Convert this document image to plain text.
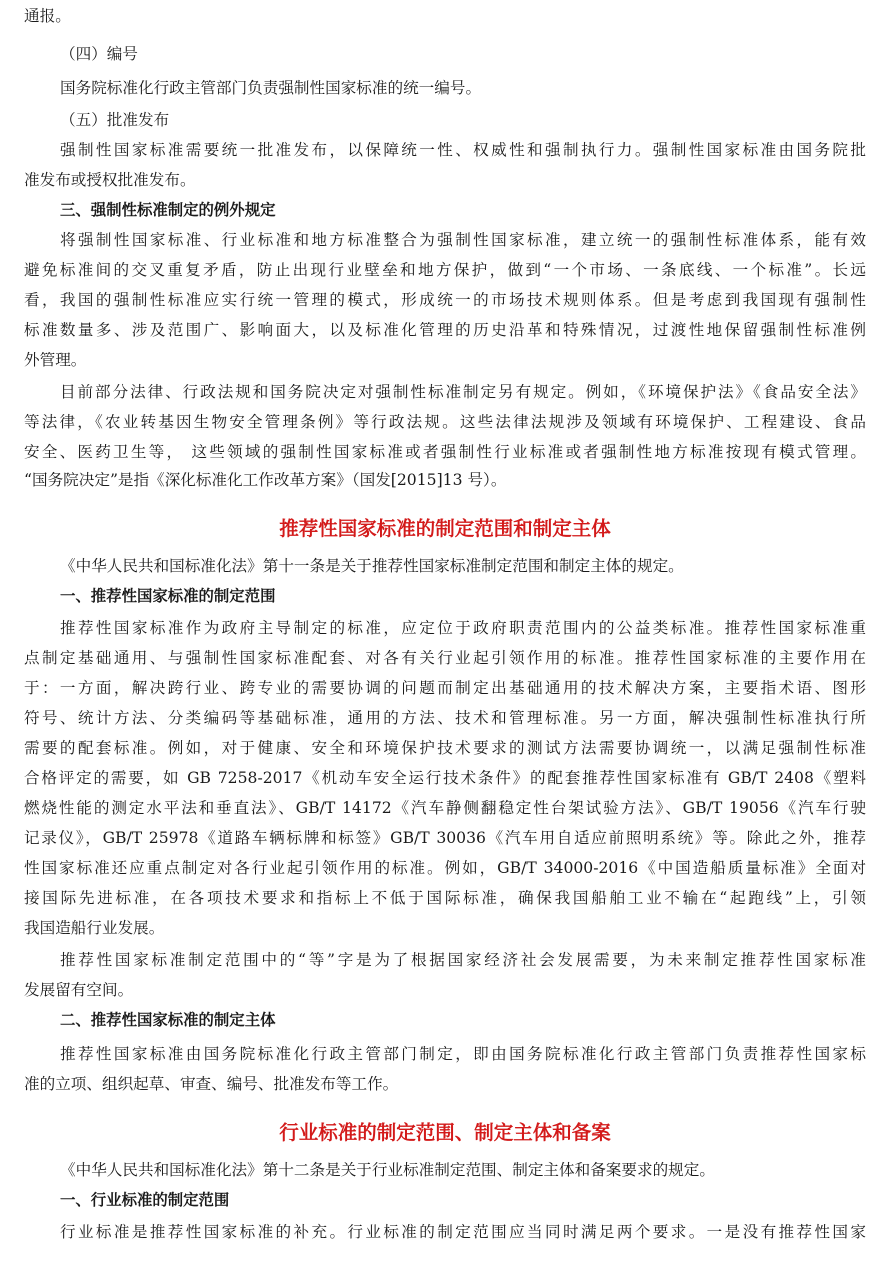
通报。
（四）编号
国务院标准化行政主管部门负责强制性国家标准的统一编号。
（五）批准发布
强制性国家标准需要统一批准发布，以保障统一性、权威性和强制执行力。强制性国家标准由国务院批
准发布或授权批准发布。
三、强制性标准制定的例外规定
将强制性国家标准、行业标准和地方标准整合为强制性国家标准，建立统一的强制性标准体系，能有效
避免标准间的交叉重复矛盾，防止出现行业壁垒和地方保护，做到“一个市场、一条底线、一个标准”。长远
看，我国的强制性标准应实行统一管理的模式，形成统一的市场技术规则体系。但是考虑到我国现有强制性
标准数量多、涉及范围广、影响面大，以及标准化管理的历史沿革和特殊情况，过渡性地保留强制性标准例
外管理。
目前部分法律、行政法规和国务院决定对强制性标准制定另有规定。例如，《环境保护法》《食品安全法》
等法律，《农业转基因生物安全管理条例》等行政法规。这些法律法规涉及领域有环境保护、工程建设、食品
安全、医药卫生等， 这些领域的强制性国家标准或者强制性行业标准或者强制性地方标准按现有模式管理。
“国务院决定”是指《深化标准化工作改革方案》（国发[2015]13 号）。
推荐性国家标准的制定范围和制定主体
《中华人民共和国标准化法》第十一条是关于推荐性国家标准制定范围和制定主体的规定。
一、推荐性国家标准的制定范围
推荐性国家标准作为政府主导制定的标准，应定位于政府职责范围内的公益类标准。推荐性国家标准重
点制定基础通用、与强制性国家标准配套、对各有关行业起引领作用的标准。推荐性国家标准的主要作用在
于：一方面，解决跨行业、跨专业的需要协调的问题而制定出基础通用的技术解决方案，主要指术语、图形
符号、统计方法、分类编码等基础标准，通用的方法、技术和管理标准。另一方面，解决强制性标准执行所
需要的配套标准。例如，对于健康、安全和环境保护技术要求的测试方法需要协调统一，以满足强制性标准
合格评定的需要，如 GB 7258-2017《机动车安全运行技术条件》的配套推荐性国家标准有 GB/T 2408《塑料
燃烧性能的测定水平法和垂直法》、GB/T 14172《汽车静侧翻稳定性台架试验方法》、GB/T 19056《汽车行驶
记录仪》，GB/T 25978《道路车辆标牌和标签》GB/T 30036《汽车用自适应前照明系统》等。除此之外，推荐
性国家标准还应重点制定对各行业起引领作用的标准。例如，GB/T 34000-2016《中国造船质量标准》全面对
接国际先进标准，在各项技术要求和指标上不低于国际标准，确保我国船舶工业不输在“起跑线”上，引领
我国造船行业发展。
推荐性国家标准制定范围中的“等”字是为了根据国家经济社会发展需要，为未来制定推荐性国家标准
发展留有空间。
二、推荐性国家标准的制定主体
推荐性国家标准由国务院标准化行政主管部门制定，即由国务院标准化行政主管部门负责推荐性国家标
准的立项、组织起草、审查、编号、批准发布等工作。
行业标准的制定范围、制定主体和备案
《中华人民共和国标准化法》第十二条是关于行业标准制定范围、制定主体和备案要求的规定。
一、行业标准的制定范围
行业标准是推荐性国家标准的补充。行业标准的制定范围应当同时满足两个要求。一是没有推荐性国家
